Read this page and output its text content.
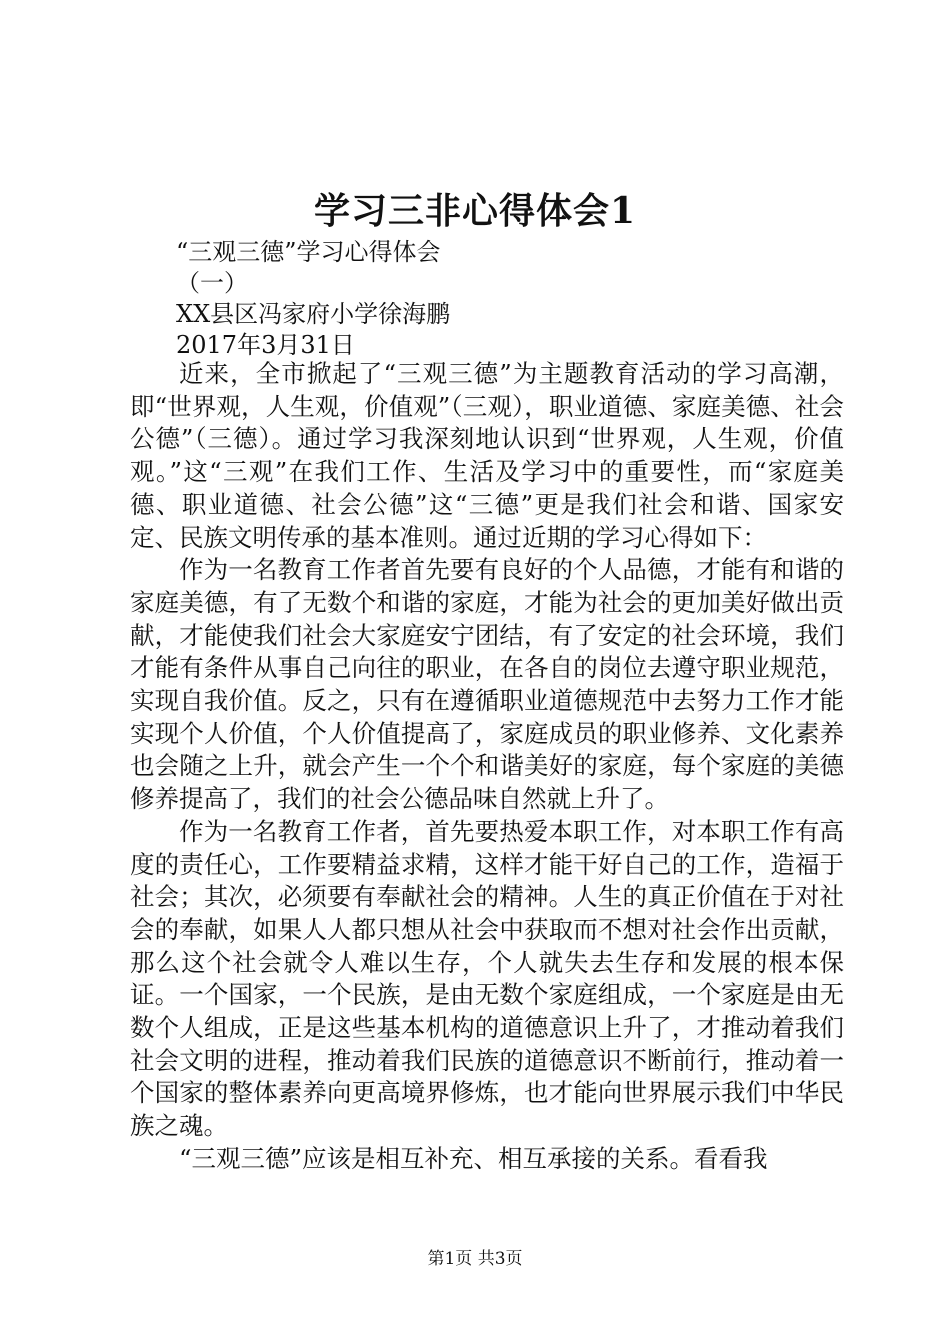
学习三非心得体会1
“三观三德”学习心得体会
（一）
XX县区冯家府小学徐海鹏
2017年3月31日

近来，全市掀起了“三观三德”为主题教育活动的学习高潮，即“世界观，人生观，价值观”（三观），职业道德、家庭美德、社会公德”（三德）。通过学习我深刻地认识到“世界观，人生观，价值观。”这“三观”在我们工作、生活及学习中的重要性，而“家庭美德、职业道德、社会公德”这“三德”更是我们社会和谐、国家安定、民族文明传承的基本准则。通过近期的学习心得如下：

作为一名教育工作者首先要有良好的个人品德，才能有和谐的家庭美德，有了无数个和谐的家庭，才能为社会的更加美好做出贡献，才能使我们社会大家庭安宁团结，有了安定的社会环境，我们才能有条件从事自己向往的职业，在各自的岗位去遵守职业规范，实现自我价值。反之，只有在遵循职业道德规范中去努力工作才能实现个人价值，个人价值提高了，家庭成员的职业修养、文化素养也会随之上升，就会产生一个个和谐美好的家庭，每个家庭的美德修养提高了，我们的社会公德品味自然就上升了。

作为一名教育工作者，首先要热爱本职工作，对本职工作有高度的责任心，工作要精益求精，这样才能干好自己的工作，造福于社会；其次，必须要有奉献社会的精神。人生的真正价值在于对社会的奉献，如果人人都只想从社会中获取而不想对社会作出贡献，那么这个社会就令人难以生存，个人就失去生存和发展的根本保证。一个国家，一个民族，是由无数个家庭组成，一个家庭是由无数个人组成，正是这些基本机构的道德意识上升了，才推动着我们社会文明的进程，推动着我们民族的道德意识不断前行，推动着一个国家的整体素养向更高境界修炼，也才能向世界展示我们中华民族之魂。

“三观三德”应该是相互补充、相互承接的关系。看看我

第1页 共3页
